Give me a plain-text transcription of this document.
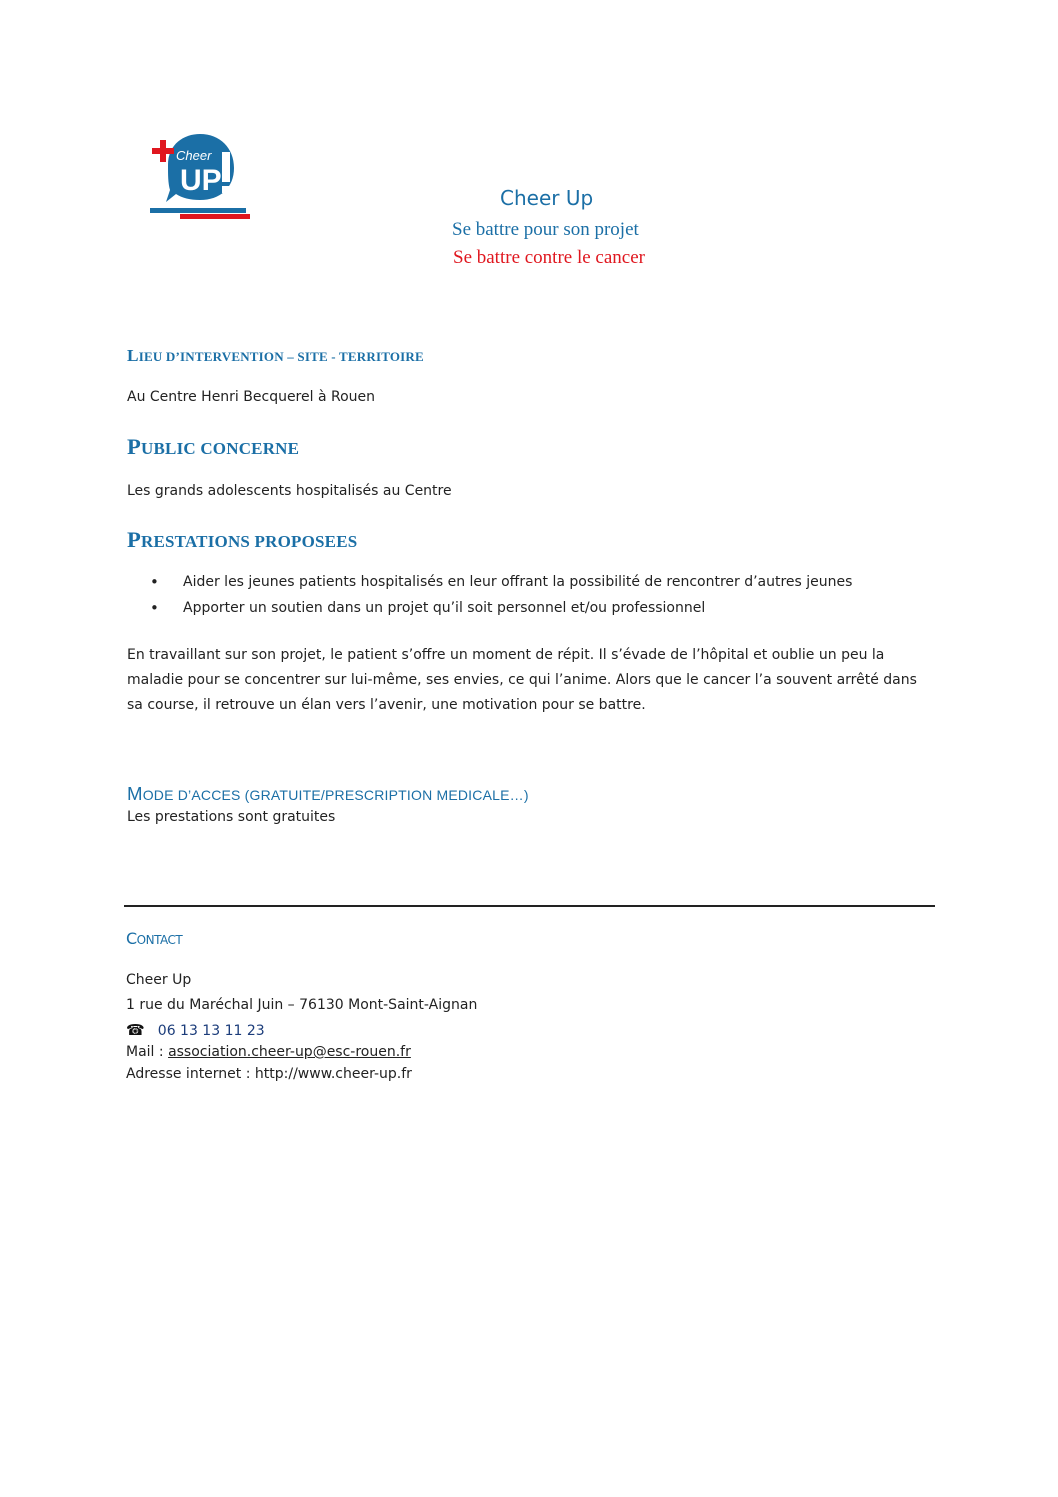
Cheer
UP
Cheer Up
Se battre pour son projet
Se battre contre le cancer
LIEU D’INTERVENTION – SITE - TERRITOIRE
Au Centre Henri Becquerel à Rouen
PUBLIC CONCERNE
Les grands adolescents hospitalisés au Centre
PRESTATIONS PROPOSEES
• Aider les jeunes patients hospitalisés en leur offrant la possibilité de rencontrer d’autres jeunes
• Apporter un soutien dans un projet qu’il soit personnel et/ou professionnel
En travaillant sur son projet, le patient s’offre un moment de répit. Il s’évade de l’hôpital et oublie un peu la maladie pour se concentrer sur lui-même, ses envies, ce qui l’anime. Alors que le cancer l’a souvent arrêté dans sa course, il retrouve un élan vers l’avenir, une motivation pour se battre.
MODE D’ACCES (GRATUITE/PRESCRIPTION MEDICALE…)
Les prestations sont gratuites
CONTACT
Cheer Up
1 rue du Maréchal Juin – 76130 Mont-Saint-Aignan
☎ 06 13 13 11 23
Mail : association.cheer-up@esc-rouen.fr
Adresse internet : http://www.cheer-up.fr
